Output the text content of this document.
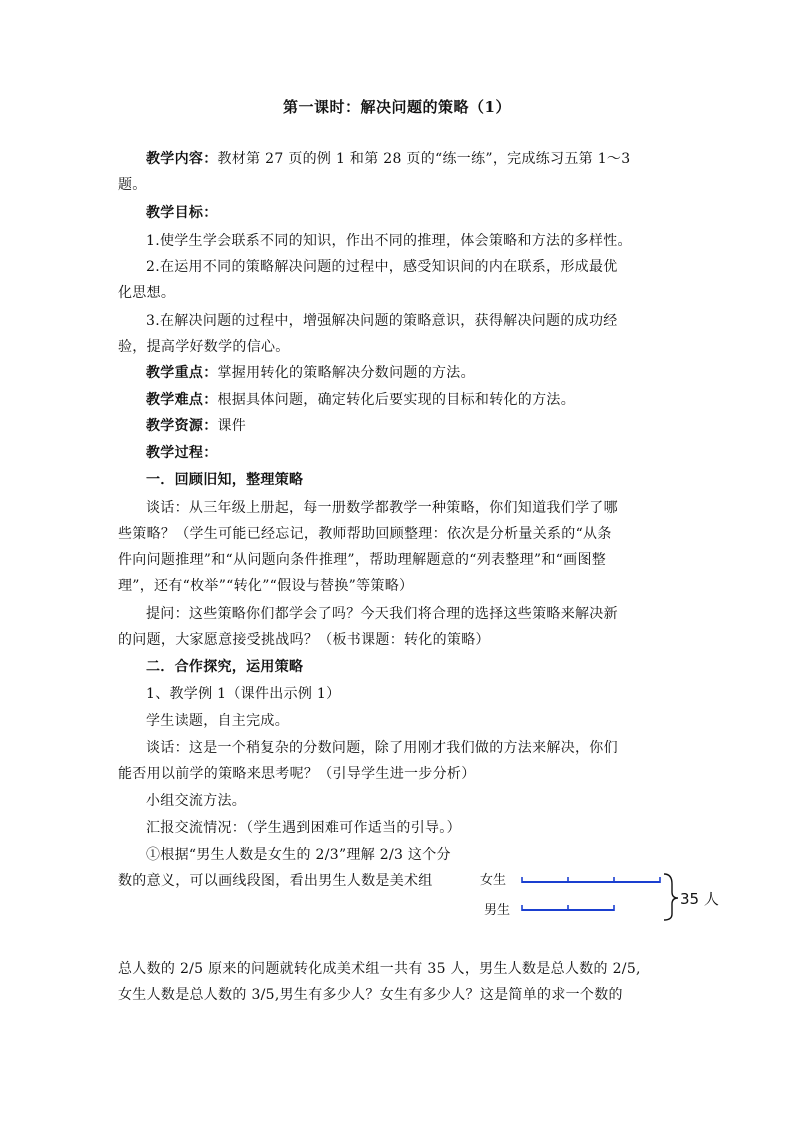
第一课时：解决问题的策略（1）
教学内容：教材第 27 页的例 1 和第 28 页的“练一练”，完成练习五第 1～3
题。
教学目标：
1.使学生学会联系不同的知识，作出不同的推理，体会策略和方法的多样性。
2.在运用不同的策略解决问题的过程中，感受知识间的内在联系，形成最优
化思想。
3.在解决问题的过程中，增强解决问题的策略意识，获得解决问题的成功经
验，提高学好数学的信心。
教学重点：掌握用转化的策略解决分数问题的方法。
教学难点：根据具体问题，确定转化后要实现的目标和转化的方法。
教学资源：课件
教学过程：
一．回顾旧知，整理策略
谈话：从三年级上册起，每一册数学都教学一种策略，你们知道我们学了哪
些策略？（学生可能已经忘记，教师帮助回顾整理：依次是分析量关系的“从条
件向问题推理”和“从问题向条件推理”，帮助理解题意的“列表整理”和“画图整
理”，还有“枚举”“转化”“假设与替换”等策略）
提问：这些策略你们都学会了吗？今天我们将合理的选择这些策略来解决新
的问题，大家愿意接受挑战吗？（板书课题：转化的策略）
二．合作探究，运用策略
1、教学例 1（课件出示例 1）
学生读题，自主完成。
谈话：这是一个稍复杂的分数问题，除了用刚才我们做的方法来解决，你们
能否用以前学的策略来思考呢？（引导学生进一步分析）
小组交流方法。
汇报交流情况：（学生遇到困难可作适当的引导。）
①根据“男生人数是女生的 2/3”理解 2/3 这个分
数的意义，可以画线段图，看出男生人数是美术组	女生
男生
35 人
总人数的 2/5 原来的问题就转化成美术组一共有 35 人，男生人数是总人数的 2/5,
女生人数是总人数的 3/5,男生有多少人？女生有多少人？这是简单的求一个数的
